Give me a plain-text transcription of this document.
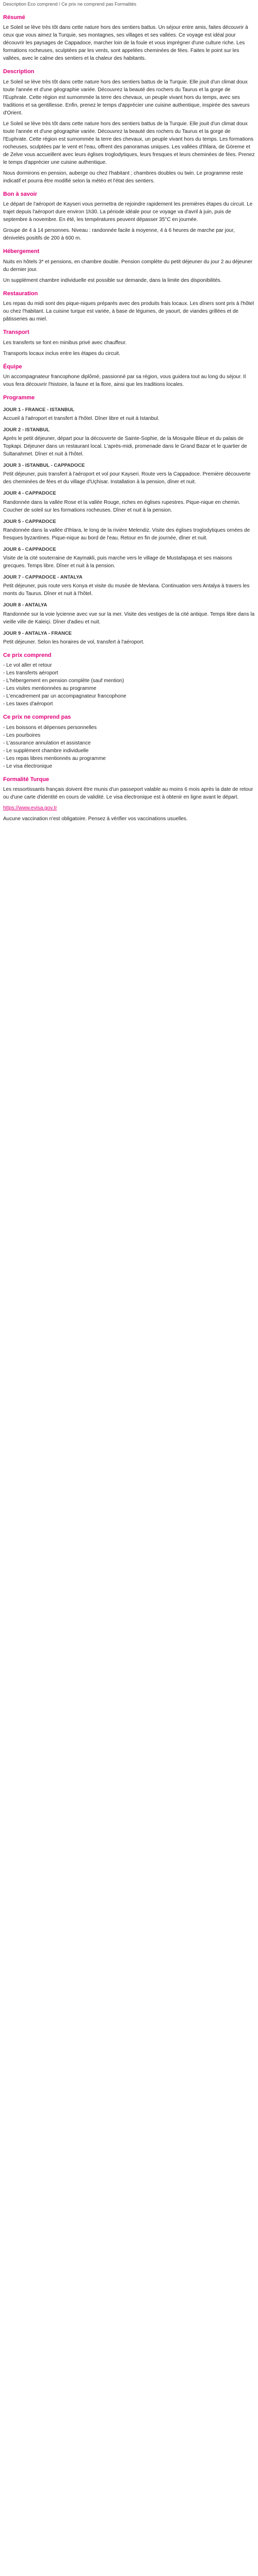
Description Eco comprend / Ce prix ne comprend pas Formalités

Résumé

Le Soleil se lève très tôt dans cette nature hors des sentiers battus. Un séjour entre amis, faites découvrir à ceux que vous aimez la Turquie, ses montagnes, ses villages et ses vallées. Ce voyage est idéal pour découvrir les paysages de Cappadoce, marcher loin de la foule et vous imprégner d'une culture riche. Les formations rocheuses, sculptées par les vents, sont appelées cheminées de fées. Faites le point sur les vallées, avec le calme des sentiers et la chaleur des habitants.

Description

Le Soleil se lève très tôt dans cette nature hors des sentiers battus de la Turquie. Elle jouit d'un climat doux toute l'année et d'une géographie variée. Découvrez la beauté des rochers du Taurus et la gorge de l'Euphrate. Cette région est surnommée la terre des chevaux, un peuple vivant hors du temps, avec ses traditions et sa gentillesse. Enfin, prenez le temps d'apprécier une cuisine authentique, inspirée des saveurs d'Orient.

Le Soleil se lève très tôt dans cette nature hors des sentiers battus de la Turquie. Elle jouit d'un climat doux toute l'année et d'une géographie variée. Découvrez la beauté des rochers du Taurus et la gorge de l'Euphrate. Cette région est surnommée la terre des chevaux, un peuple vivant hors du temps. Les formations rocheuses, sculptées par le vent et l'eau, offrent des panoramas uniques. Les vallées d'Ihlara, de Göreme et de Zelve vous accueillent avec leurs églises troglodytiques, leurs fresques et leurs cheminées de fées. Prenez le temps d'apprécier une cuisine authentique.

Nous dormirons en pension, auberge ou chez l'habitant ; chambres doubles ou twin. Le programme reste indicatif et pourra être modifié selon la météo et l'état des sentiers.

Bon à savoir

Le départ de l'aéroport de Kayseri vous permettra de rejoindre rapidement les premières étapes du circuit. Le trajet depuis l'aéroport dure environ 1h30. La période idéale pour ce voyage va d'avril à juin, puis de septembre à novembre. En été, les températures peuvent dépasser 35°C en journée.

Groupe de 4 à 14 personnes. Niveau : randonnée facile à moyenne, 4 à 6 heures de marche par jour, dénivelés positifs de 200 à 600 m.

Hébergement

Nuits en hôtels 3* et pensions, en chambre double. Pension complète du petit déjeuner du jour 2 au déjeuner du dernier jour.

Un supplément chambre individuelle est possible sur demande, dans la limite des disponibilités.

Restauration

Les repas du midi sont des pique-niques préparés avec des produits frais locaux. Les dîners sont pris à l'hôtel ou chez l'habitant. La cuisine turque est variée, à base de légumes, de yaourt, de viandes grillées et de pâtisseries au miel.

Transport

Les transferts se font en minibus privé avec chauffeur.

Transports locaux inclus entre les étapes du circuit.

Équipe

Un accompagnateur francophone diplômé, passionné par sa région, vous guidera tout au long du séjour. Il vous fera découvrir l'histoire, la faune et la flore, ainsi que les traditions locales.

Programme
JOUR 1 - FRANCE - ISTANBUL

Accueil à l'aéroport et transfert à l'hôtel. Dîner libre et nuit à Istanbul.

JOUR 2 - ISTANBUL

Après le petit déjeuner, départ pour la découverte de Sainte-Sophie, de la Mosquée Bleue et du palais de Topkapi. Déjeuner dans un restaurant local. L'après-midi, promenade dans le Grand Bazar et le quartier de Sultanahmet. Dîner et nuit à l'hôtel.

JOUR 3 - ISTANBUL - CAPPADOCE

Petit déjeuner, puis transfert à l'aéroport et vol pour Kayseri. Route vers la Cappadoce. Première découverte des cheminées de fées et du village d'Uçhisar. Installation à la pension, dîner et nuit.

JOUR 4 - CAPPADOCE

Randonnée dans la vallée Rose et la vallée Rouge, riches en églises rupestres. Pique-nique en chemin. Coucher de soleil sur les formations rocheuses. Dîner et nuit à la pension.

JOUR 5 - CAPPADOCE

Randonnée dans la vallée d'Ihlara, le long de la rivière Melendiz. Visite des églises troglodytiques ornées de fresques byzantines. Pique-nique au bord de l'eau. Retour en fin de journée, dîner et nuit.

JOUR 6 - CAPPADOCE

Visite de la cité souterraine de Kaymakli, puis marche vers le village de Mustafapaşa et ses maisons grecques. Temps libre. Dîner et nuit à la pension.

JOUR 7 - CAPPADOCE - ANTALYA

Petit déjeuner, puis route vers Konya et visite du musée de Mevlana. Continuation vers Antalya à travers les monts du Taurus. Dîner et nuit à l'hôtel.

JOUR 8 - ANTALYA

Randonnée sur la voie lycienne avec vue sur la mer. Visite des vestiges de la cité antique. Temps libre dans la vieille ville de Kaleiçi. Dîner d'adieu et nuit.

JOUR 9 - ANTALYA - FRANCE

Petit déjeuner. Selon les horaires de vol, transfert à l'aéroport.

Ce prix comprend
- Le vol aller et retour
- Les transferts aéroport
- L'hébergement en pension complète (sauf mention)
- Les visites mentionnées au programme
- L'encadrement par un accompagnateur francophone
- Les taxes d'aéroport
Ce prix ne comprend pas
- Les boissons et dépenses personnelles
- Les pourboires
- L'assurance annulation et assistance
- Le supplément chambre individuelle
- Les repas libres mentionnés au programme
- Le visa électronique
Formalité Turque

Les ressortissants français doivent être munis d'un passeport valable au moins 6 mois après la date de retour ou d'une carte d'identité en cours de validité. Le visa électronique est à obtenir en ligne avant le départ.

https://www.evisa.gov.tr

Aucune vaccination n'est obligatoire. Pensez à vérifier vos vaccinations usuelles.
